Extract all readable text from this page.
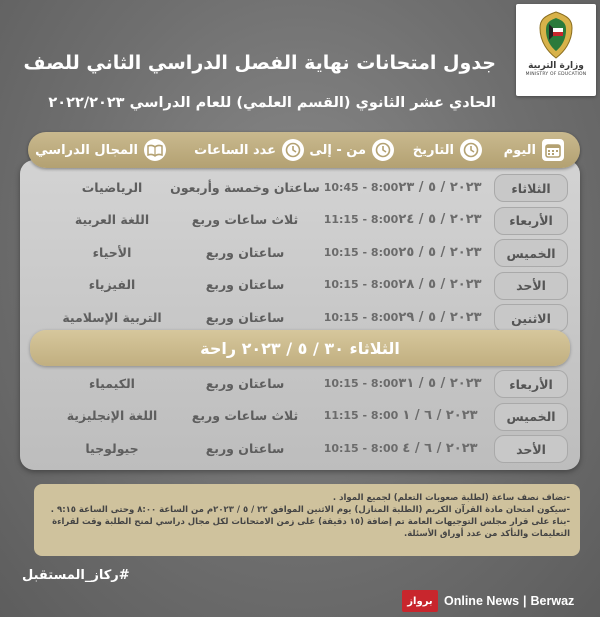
وزارة التربية
MINISTRY OF EDUCATION
جدول امتحانات نهاية الفصل الدراسي الثاني للصف
الحادي عشر الثانوي (القسم العلمي) للعام الدراسي ٢٠٢٢/٢٠٢٣
الثلاثاء
٢٠٢٣ / ٥ / ٢٣
10:45 - 8:00
ساعتان وخمسة وأربعون
الرياضيات
الأربعاء
٢٠٢٣ / ٥ / ٢٤
11:15 - 8:00
ثلاث ساعات وربع
اللغة العربية
الخميس
٢٠٢٣ / ٥ / ٢٥
10:15 - 8:00
ساعتان وربع
الأحياء
الأحد
٢٠٢٣ / ٥ / ٢٨
10:15 - 8:00
ساعتان وربع
الفيزياء
الاثنين
٢٠٢٣ / ٥ / ٢٩
10:15 - 8:00
ساعتان وربع
التربية الإسلامية
الثلاثاء ٣٠ / ٥ / ٢٠٢٣ راحة
الأربعاء
٢٠٢٣ / ٥ / ٣١
10:15 - 8:00
ساعتان وربع
الكيمياء
الخميس
٢٠٢٣ / ٦ / ١
11:15 - 8:00
ثلاث ساعات وربع
اللغة الإنجليزية
الأحد
٢٠٢٣ / ٦ / ٤
10:15 - 8:00
ساعتان وربع
جيولوجيا
اليوم
التاريخ
من - إلى
عدد الساعات
المجال الدراسي

-تضاف نصف ساعة (لطلبة صعوبات التعلم) لجميع المواد .

-سيكون امتحان مادة القرآن الكريم (الطلبة المنازل) يوم الاثنين الموافق ٢٢ / ٥ / ٢٠٢٣م من الساعة ٨:٠٠ وحتى الساعة ٩:١٥ .

-بناء على قرار مجلس التوجيهات العامة تم إضافة (١٥ دقيقة) على زمن الامتحانات لكل مجال دراسي لمنح الطلبة وقت لقراءة التعليمات والتأكد من عدد أوراق الأسئلة.

#ركاز_المستقبل
برواز Online News | Berwaz
